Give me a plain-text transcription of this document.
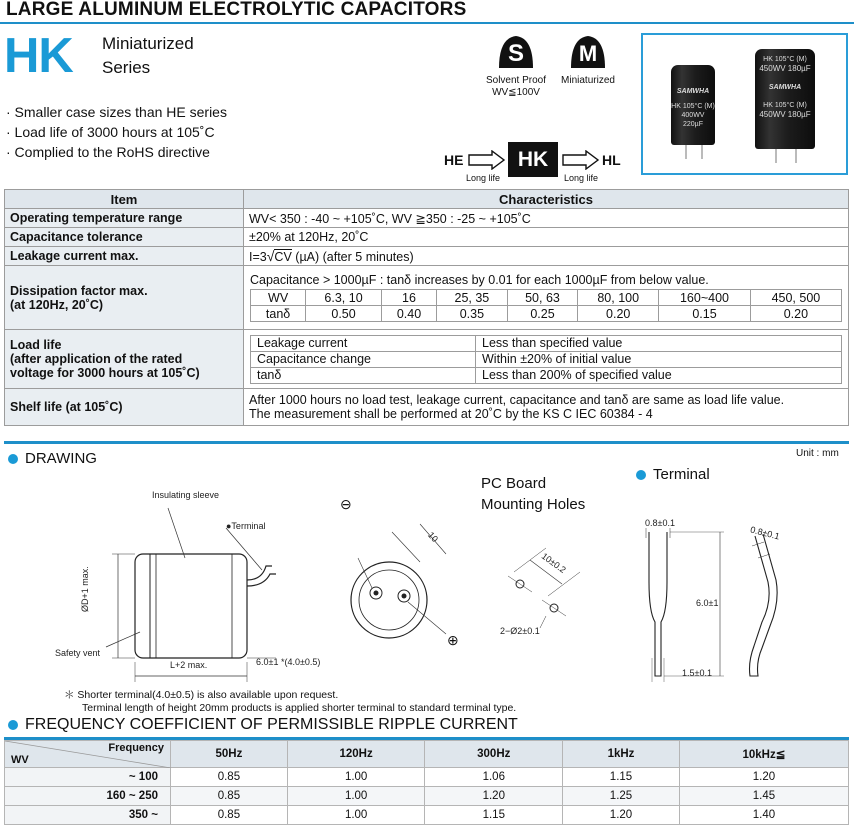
LARGE ALUMINUM ELECTROLYTIC CAPACITORS
HK Miniaturized
Series
· Smaller case sizes than HE series
· Load life of 3000 hours at 105˚C
· Complied to the RoHS directive
S
Solvent Proof
WV≦100V
M
Miniaturized
SAMWHA
HK 105°C (M)
400WV 220µF
HK 105°C (M)
450WV 180µF
SAMWHA
HK 105°C (M)
450WV 180µF
HE
Long life
HK
Long life
HL
Item	Characteristics
Operating temperature range	WV< 350 : -40 ~ +105˚C, WV ≧350 : -25 ~ +105˚C
Capacitance tolerance	±20% at 120Hz, 20˚C
Leakage current max.	I=3√CV (µA) (after 5 minutes)

Dissipation factor max.
(at 120Hz, 20˚C)

Capacitance > 1000µF : tanδ increases by 0.01 for each 1000µF from below value.
WV	6.3, 10	16	25, 35	50, 63	80, 100	160~400	450, 500
tanδ	0.50	0.40	0.35	0.25	0.20	0.15	0.20

Load life
(after application of the rated
voltage for 3000 hours at 105˚C)

Leakage current	Less than specified value
Capacitance change	Within ±20% of initial value
tanδ	Less than 200% of specified value

Shelf life (at 105˚C)	After 1000 hours no load test, leakage current, capacitance and tanδ are same as load life value.
The measurement shall be performed at 20˚C by the KS C IEC 60384 - 4
DRAWING	Unit : mm
Insulating sleeve
●Terminal
ØD+1 max.
Safety vent
L+2 max.	6.0±1 *(4.0±0.5)
⊖
⊕
10
PC Board
Mounting Holes
10±0.2
2−Ø2±0.1
Terminal
0.8±0.1
0.8±0.1
6.0±1
1.5±0.1
＊ Shorter terminal(4.0±0.5) is also available upon request.
Terminal length of height 20mm products is applied shorter terminal to standard terminal type.
FREQUENCY COEFFICIENT OF PERMISSIBLE RIPPLE CURRENT
Frequency
WV	50Hz	120Hz	300Hz	1kHz	10kHz≦
~ 100	0.85	1.00	1.06	1.15	1.20
160 ~ 250	0.85	1.00	1.20	1.25	1.45
350 ~	0.85	1.00	1.15	1.20	1.40
